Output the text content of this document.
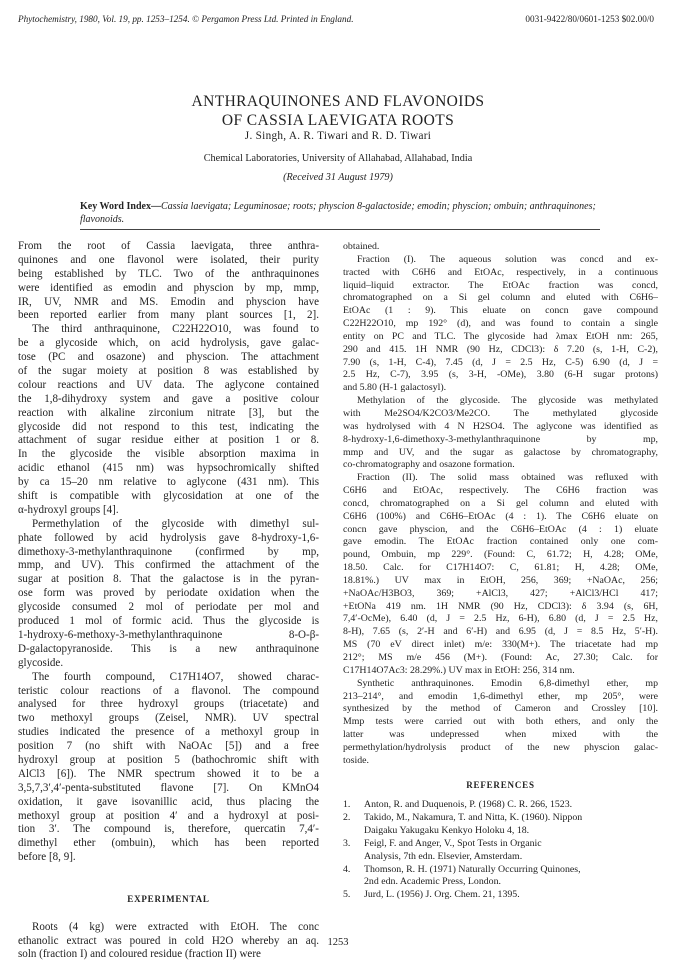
Phytochemistry, 1980, Vol. 19, pp. 1253–1254. © Pergamon Press Ltd. Printed in England.	0031-9422/80/0601-1253 $02.00/0
ANTHRAQUINONES AND FLAVONOIDS
OF CASSIA LAEVIGATA ROOTS
J. Singh, A. R. Tiwari and R. D. Tiwari
Chemical Laboratories, University of Allahabad, Allahabad, India
(Received 31 August 1979)
Key Word Index—Cassia laevigata; Leguminosae; roots; physcion 8-galactoside; emodin; physcion; ombuin; anthraquinones; flavonoids.
From the root of Cassia laevigata, three anthra-
quinones and one flavonol were isolated, their purity
being established by TLC. Two of the anthraquinones
were identified as emodin and physcion by mp, mmp,
IR, UV, NMR and MS. Emodin and physcion have
been reported earlier from many plant sources [1, 2].
The third anthraquinone, C22H22O10, was found to
be a glycoside which, on acid hydrolysis, gave galac-
tose (PC and osazone) and physcion. The attachment
of the sugar moiety at position 8 was established by
colour reactions and UV data. The aglycone contained
the 1,8-dihydroxy system and gave a positive colour
reaction with alkaline zirconium nitrate [3], but the
glycoside did not respond to this test, indicating the
attachment of sugar residue either at position 1 or 8.
In the glycoside the visible absorption maxima in
acidic ethanol (415 nm) was hypsochromically shifted
by ca 15–20 nm relative to aglycone (431 nm). This
shift is compatible with glycosidation at one of the
α-hydroxyl groups [4].
Permethylation of the glycoside with dimethyl sul-
phate followed by acid hydrolysis gave 8-hydroxy-1,6-
dimethoxy-3-methylanthraquinone (confirmed by mp,
mmp, and UV). This confirmed the attachment of the
sugar at position 8. That the galactose is in the pyran-
ose form was proved by periodate oxidation when the
glycoside consumed 2 mol of periodate per mol and
produced 1 mol of formic acid. Thus the glycoside is
1-hydroxy-6-methoxy-3-methylanthraquinone 8-O-β-
D-galactopyranoside. This is a new anthraquinone
glycoside.
The fourth compound, C17H14O7, showed charac-
teristic colour reactions of a flavonol. The compound
analysed for three hydroxyl groups (triacetate) and
two methoxyl groups (Zeisel, NMR). UV spectral
studies indicated the presence of a methoxyl group in
position 7 (no shift with NaOAc [5]) and a free
hydroxyl group at position 5 (bathochromic shift with
AlCl3 [6]). The NMR spectrum showed it to be a
3,5,7,3′,4′-penta-substituted flavone [7]. On KMnO4
oxidation, it gave isovanillic acid, thus placing the
methoxyl group at position 4′ and a hydroxyl at posi-
tion 3′. The compound is, therefore, quercatin 7,4′-
dimethyl ether (ombuin), which has been reported
before [8, 9].
EXPERIMENTAL
Roots (4 kg) were extracted with EtOH. The conc
ethanolic extract was poured in cold H2O whereby an aq.
soln (fraction I) and coloured residue (fraction II) were
obtained.
Fraction (I). The aqueous solution was concd and ex-
tracted with C6H6 and EtOAc, respectively, in a continuous
liquid–liquid extractor. The EtOAc fraction was concd,
chromatographed on a Si gel column and eluted with C6H6–
EtOAc (1 : 9). This eluate on concn gave compound
C22H22O10, mp 192° (d), and was found to contain a single
entity on PC and TLC. The glycoside had λmax EtOH nm: 265,
290 and 415. 1H NMR (90 Hz, CDCl3): δ 7.20 (s, 1-H, C-2),
7.90 (s, 1-H, C-4), 7.45 (d, J = 2.5 Hz, C-5) 6.90 (d, J =
2.5 Hz, C-7), 3.95 (s, 3-H, -OMe), 3.80 (6-H sugar protons)
and 5.80 (H-1 galactosyl).
Methylation of the glycoside. The glycoside was methylated
with Me2SO4/K2CO3/Me2CO. The methylated glycoside
was hydrolysed with 4 N H2SO4. The aglycone was identified as
8-hydroxy-1,6-dimethoxy-3-methylanthraquinone by mp,
mmp and UV, and the sugar as galactose by chromatography,
co-chromatography and osazone formation.
Fraction (II). The solid mass obtained was refluxed with
C6H6 and EtOAc, respectively. The C6H6 fraction was
concd, chromatographed on a Si gel column and eluted with
C6H6 (100%) and C6H6–EtOAc (4 : 1). The C6H6 eluate on
concn gave physcion, and the C6H6–EtOAc (4 : 1) eluate
gave emodin. The EtOAc fraction contained only one com-
pound, Ombuin, mp 229°. (Found: C, 61.72; H, 4.28; OMe,
18.50. Calc. for C17H14O7: C, 61.81; H, 4.28; OMe,
18.81%.) UV max in EtOH, 256, 369; +NaOAc, 256;
+NaOAc/H3BO3, 369; +AlCl3, 427; +AlCl3/HCl 417;
+EtONa 419 nm. 1H NMR (90 Hz, CDCl3): δ 3.94 (s, 6H,
7,4′-OcMe), 6.40 (d, J = 2.5 Hz, 6-H), 6.80 (d, J = 2.5 Hz,
8-H), 7.65 (s, 2′-H and 6′-H) and 6.95 (d, J = 8.5 Hz, 5′-H).
MS (70 eV direct inlet) m/e: 330(M+). The triacetate had mp
212°; MS m/e 456 (M+). (Found: Ac, 27.30; Calc. for
C17H14O7Ac3: 28.29%.) UV max in EtOH: 256, 314 nm.
Synthetic anthraquinones. Emodin 6,8-dimethyl ether, mp
213–214°, and emodin 1,6-dimethyl ether, mp 205°, were
synthesized by the method of Cameron and Crossley [10].
Mmp tests were carried out with both ethers, and only the
latter was undepressed when mixed with the
permethylation/hydrolysis product of the new physcion galac-
toside.
REFERENCES
1. Anton, R. and Duquenois, P. (1968) C. R. 266, 1523.
2. Takido, M., Nakamura, T. and Nitta, K. (1960). Nippon
Daigaku Yakugaku Kenkyo Holoku 4, 18.
3. Feigl, F. and Anger, V., Spot Tests in Organic
Analysis, 7th edn. Elsevier, Amsterdam.
4. Thomson, R. H. (1971) Naturally Occurring Quinones,
2nd edn. Academic Press, London.
5. Jurd, L. (1956) J. Org. Chem. 21, 1395.
1253
